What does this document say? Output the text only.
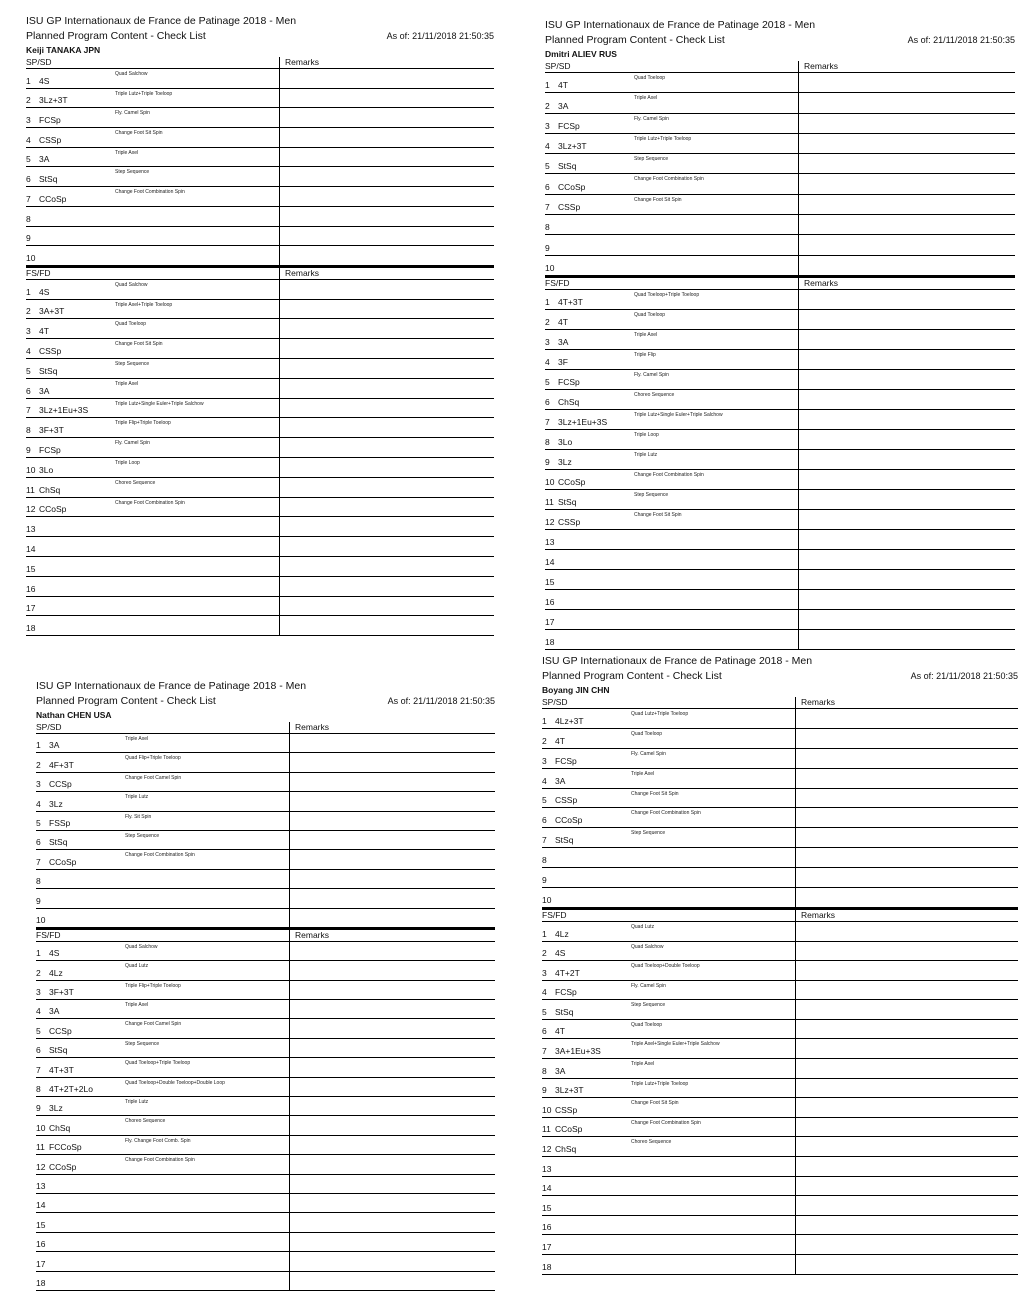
ISU GP Internationaux de France de Patinage 2018 - Men
Planned Program Content - Check List	As of: 21/11/2018 21:50:35
Keiji TANAKA JPN
SP/SD	Remarks
1 4S
Quad Salchow
2 3Lz+3T
Triple Lutz+Triple Toeloop
3 FCSp
Fly. Camel Spin
4 CSSp
Change Foot Sit Spin
5 3A
Triple Axel
6 StSq
Step Sequence
7 CCoSp
Change Foot Combination Spin
8
9
10
FS/FD	Remarks
1 4S
Quad Salchow
2 3A+3T
Triple Axel+Triple Toeloop
3 4T
Quad Toeloop
4 CSSp
Change Foot Sit Spin
5 StSq
Step Sequence
6 3A
Triple Axel
7 3Lz+1Eu+3S
Triple Lutz+Single Euler+Triple Salchow
8 3F+3T
Triple Flip+Triple Toeloop
9 FCSp
Fly. Camel Spin
10 3Lo
Triple Loop
11 ChSq
Choreo Sequence
12 CCoSp
Change Foot Combination Spin
13
14
15
16
17
18
ISU GP Internationaux de France de Patinage 2018 - Men
Planned Program Content - Check List	As of: 21/11/2018 21:50:35
Dmitri ALIEV RUS
SP/SD	Remarks
1 4T
Quad Toeloop
2 3A
Triple Axel
3 FCSp
Fly. Camel Spin
4 3Lz+3T
Triple Lutz+Triple Toeloop
5 StSq
Step Sequence
6 CCoSp
Change Foot Combination Spin
7 CSSp
Change Foot Sit Spin
8
9
10
FS/FD	Remarks
1 4T+3T
Quad Toeloop+Triple Toeloop
2 4T
Quad Toeloop
3 3A
Triple Axel
4 3F
Triple Flip
5 FCSp
Fly. Camel Spin
6 ChSq
Choreo Sequence
7 3Lz+1Eu+3S
Triple Lutz+Single Euler+Triple Salchow
8 3Lo
Triple Loop
9 3Lz
Triple Lutz
10 CCoSp
Change Foot Combination Spin
11 StSq
Step Sequence
12 CSSp
Change Foot Sit Spin
13
14
15
16
17
18
ISU GP Internationaux de France de Patinage 2018 - Men
Planned Program Content - Check List	As of: 21/11/2018 21:50:35
Nathan CHEN USA
SP/SD	Remarks
1 3A
Triple Axel
2 4F+3T
Quad Flip+Triple Toeloop
3 CCSp
Change Foot Camel Spin
4 3Lz
Triple Lutz
5 FSSp
Fly. Sit Spin
6 StSq
Step Sequence
7 CCoSp
Change Foot Combination Spin
8
9
10
FS/FD	Remarks
1 4S
Quad Salchow
2 4Lz
Quad Lutz
3 3F+3T
Triple Flip+Triple Toeloop
4 3A
Triple Axel
5 CCSp
Change Foot Camel Spin
6 StSq
Step Sequence
7 4T+3T
Quad Toeloop+Triple Toeloop
8 4T+2T+2Lo
Quad Toeloop+Double Toeloop+Double Loop
9 3Lz
Triple Lutz
10 ChSq
Choreo Sequence
11 FCCoSp
Fly. Change Foot Comb. Spin
12 CCoSp
Change Foot Combination Spin
13
14
15
16
17
18
ISU GP Internationaux de France de Patinage 2018 - Men
Planned Program Content - Check List	As of: 21/11/2018 21:50:35
Boyang JIN CHN
SP/SD	Remarks
1 4Lz+3T
Quad Lutz+Triple Toeloop
2 4T
Quad Toeloop
3 FCSp
Fly. Camel Spin
4 3A
Triple Axel
5 CSSp
Change Foot Sit Spin
6 CCoSp
Change Foot Combination Spin
7 StSq
Step Sequence
8
9
10
FS/FD	Remarks
1 4Lz
Quad Lutz
2 4S
Quad Salchow
3 4T+2T
Quad Toeloop+Double Toeloop
4 FCSp
Fly. Camel Spin
5 StSq
Step Sequence
6 4T
Quad Toeloop
7 3A+1Eu+3S
Triple Axel+Single Euler+Triple Salchow
8 3A
Triple Axel
9 3Lz+3T
Triple Lutz+Triple Toeloop
10 CSSp
Change Foot Sit Spin
11 CCoSp
Change Foot Combination Spin
12 ChSq
Choreo Sequence
13
14
15
16
17
18
